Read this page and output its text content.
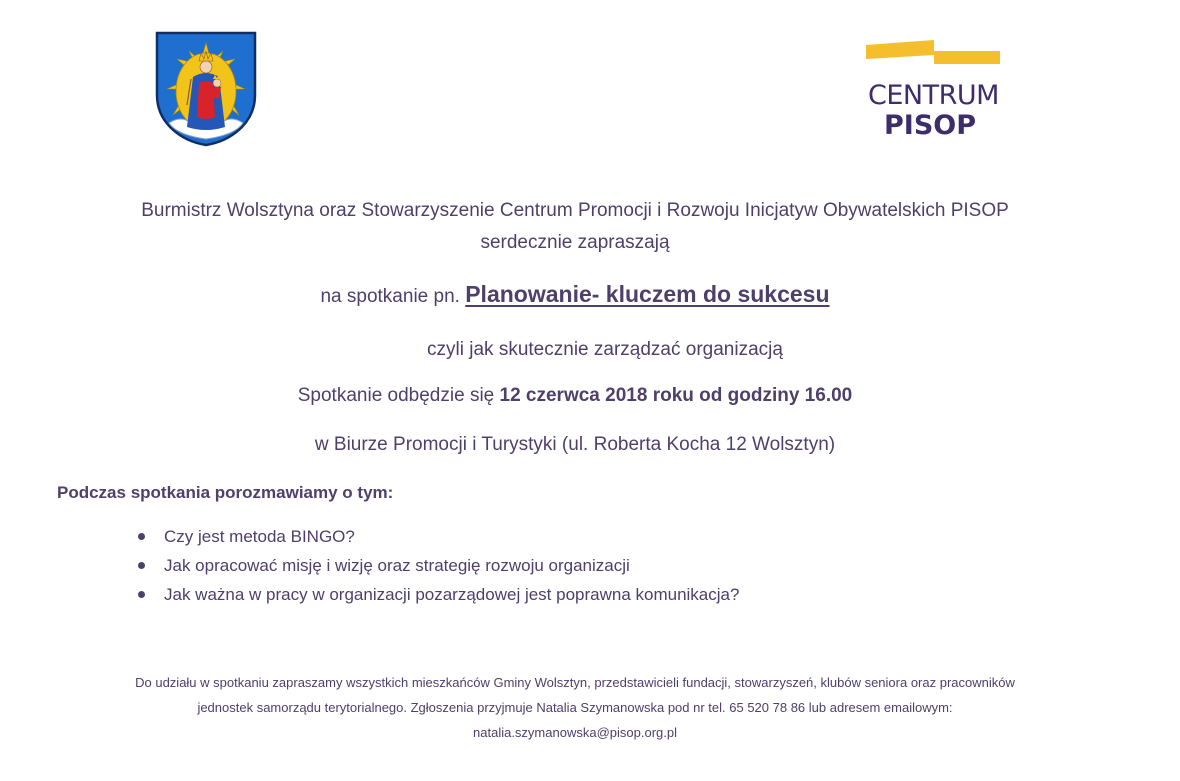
CENTRUM
PISOP
Burmistrz Wolsztyna oraz Stowarzyszenie Centrum Promocji i Rozwoju Inicjatyw Obywatelskich PISOP
serdecznie zapraszają
na spotkanie pn. Planowanie- kluczem do sukcesu
czyli jak skutecznie zarządzać organizacją
Spotkanie odbędzie się 12 czerwca 2018 roku od godziny 16.00
w Biurze Promocji i Turystyki (ul. Roberta Kocha 12 Wolsztyn)
Podczas spotkania porozmawiamy o tym:
Czy jest metoda BINGO?
Jak opracować misję i wizję oraz strategię rozwoju organizacji
Jak ważna w pracy w organizacji pozarządowej jest poprawna komunikacja?
Do udziału w spotkaniu zapraszamy wszystkich mieszkańców Gminy Wolsztyn, przedstawicieli fundacji, stowarzyszeń, klubów seniora oraz pracowników
jednostek samorządu terytorialnego. Zgłoszenia przyjmuje Natalia Szymanowska pod nr tel. 65 520 78 86 lub adresem emailowym:
natalia.szymanowska@pisop.org.pl
